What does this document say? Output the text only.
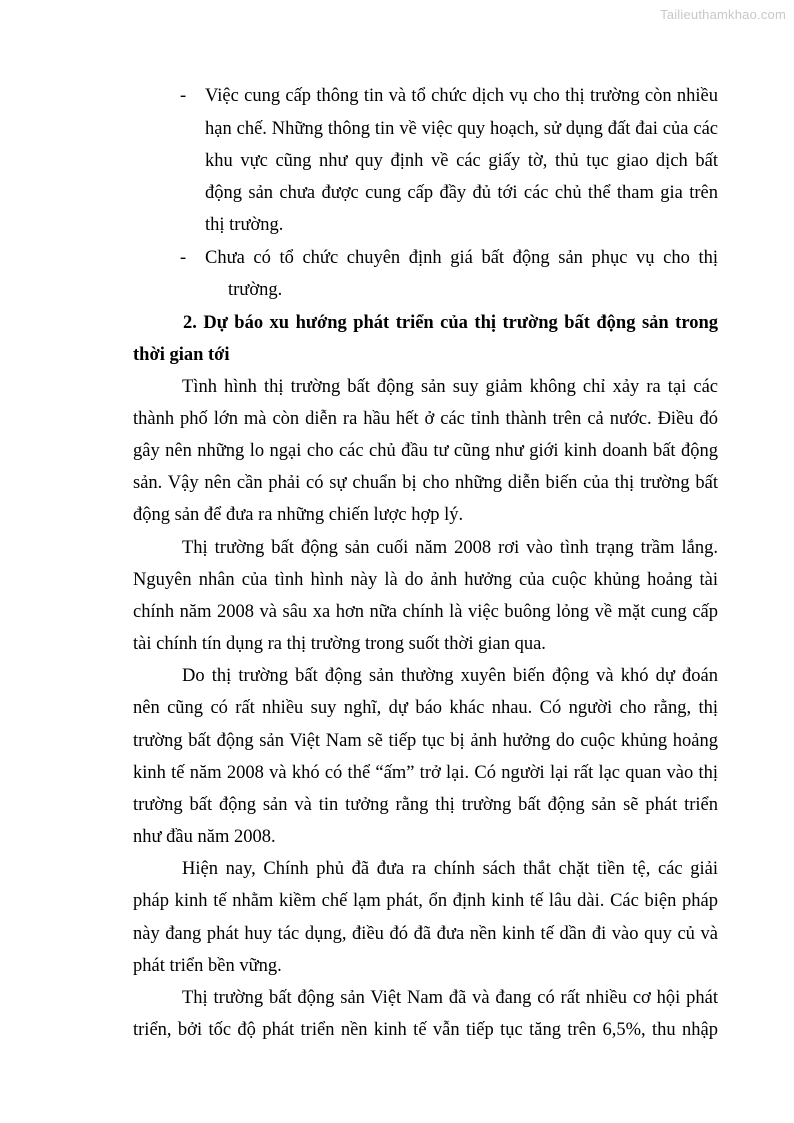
Tailieuthamkhao.com
- Việc cung cấp thông tin và tổ chức dịch vụ cho thị trường còn nhiều
hạn chế. Những thông tin về việc quy hoạch, sử dụng đất đai của các
khu vực cũng như quy định về các giấy tờ, thủ tục giao dịch bất
động sản chưa được cung cấp đầy đủ tới các chủ thể tham gia trên
thị trường.
- Chưa có tổ chức chuyên định giá bất động sản phục vụ cho thị
trường.
2. Dự báo xu hướng phát triển của thị trường bất động sản trong
thời gian tới
Tình hình thị trường bất động sản suy giảm không chỉ xảy ra tại các
thành phố lớn mà còn diễn ra hầu hết ở các tỉnh thành trên cả nước. Điều đó
gây nên những lo ngại cho các chủ đầu tư cũng như giới kinh doanh bất động
sản. Vậy nên cần phải có sự chuẩn bị cho những diễn biến của thị trường bất
động sản để đưa ra những chiến lược hợp lý.
Thị trường bất động sản cuối năm 2008 rơi vào tình trạng trầm lắng.
Nguyên nhân của tình hình này là do ảnh hưởng của cuộc khủng hoảng tài
chính năm 2008 và sâu xa hơn nữa chính là việc buông lỏng về mặt cung cấp
tài chính tín dụng ra thị trường trong suốt thời gian qua.
Do thị trường bất động sản thường xuyên biến động và khó dự đoán
nên cũng có rất nhiều suy nghĩ, dự báo khác nhau. Có người cho rằng, thị
trường bất động sản Việt Nam sẽ tiếp tục bị ảnh hưởng do cuộc khủng hoảng
kinh tế năm 2008 và khó có thể “ấm” trở lại. Có người lại rất lạc quan vào thị
trường bất động sản và tin tưởng rằng thị trường bất động sản sẽ phát triển
như đầu năm 2008.
Hiện nay, Chính phủ đã đưa ra chính sách thắt chặt tiền tệ, các giải
pháp kinh tế nhằm kiềm chế lạm phát, ổn định kinh tế lâu dài. Các biện pháp
này đang phát huy tác dụng, điều đó đã đưa nền kinh tế dần đi vào quy củ và
phát triển bền vững.
Thị trường bất động sản Việt Nam đã và đang có rất nhiều cơ hội phát
triển, bởi tốc độ phát triển nền kinh tế vẫn tiếp tục tăng trên 6,5%, thu nhập
